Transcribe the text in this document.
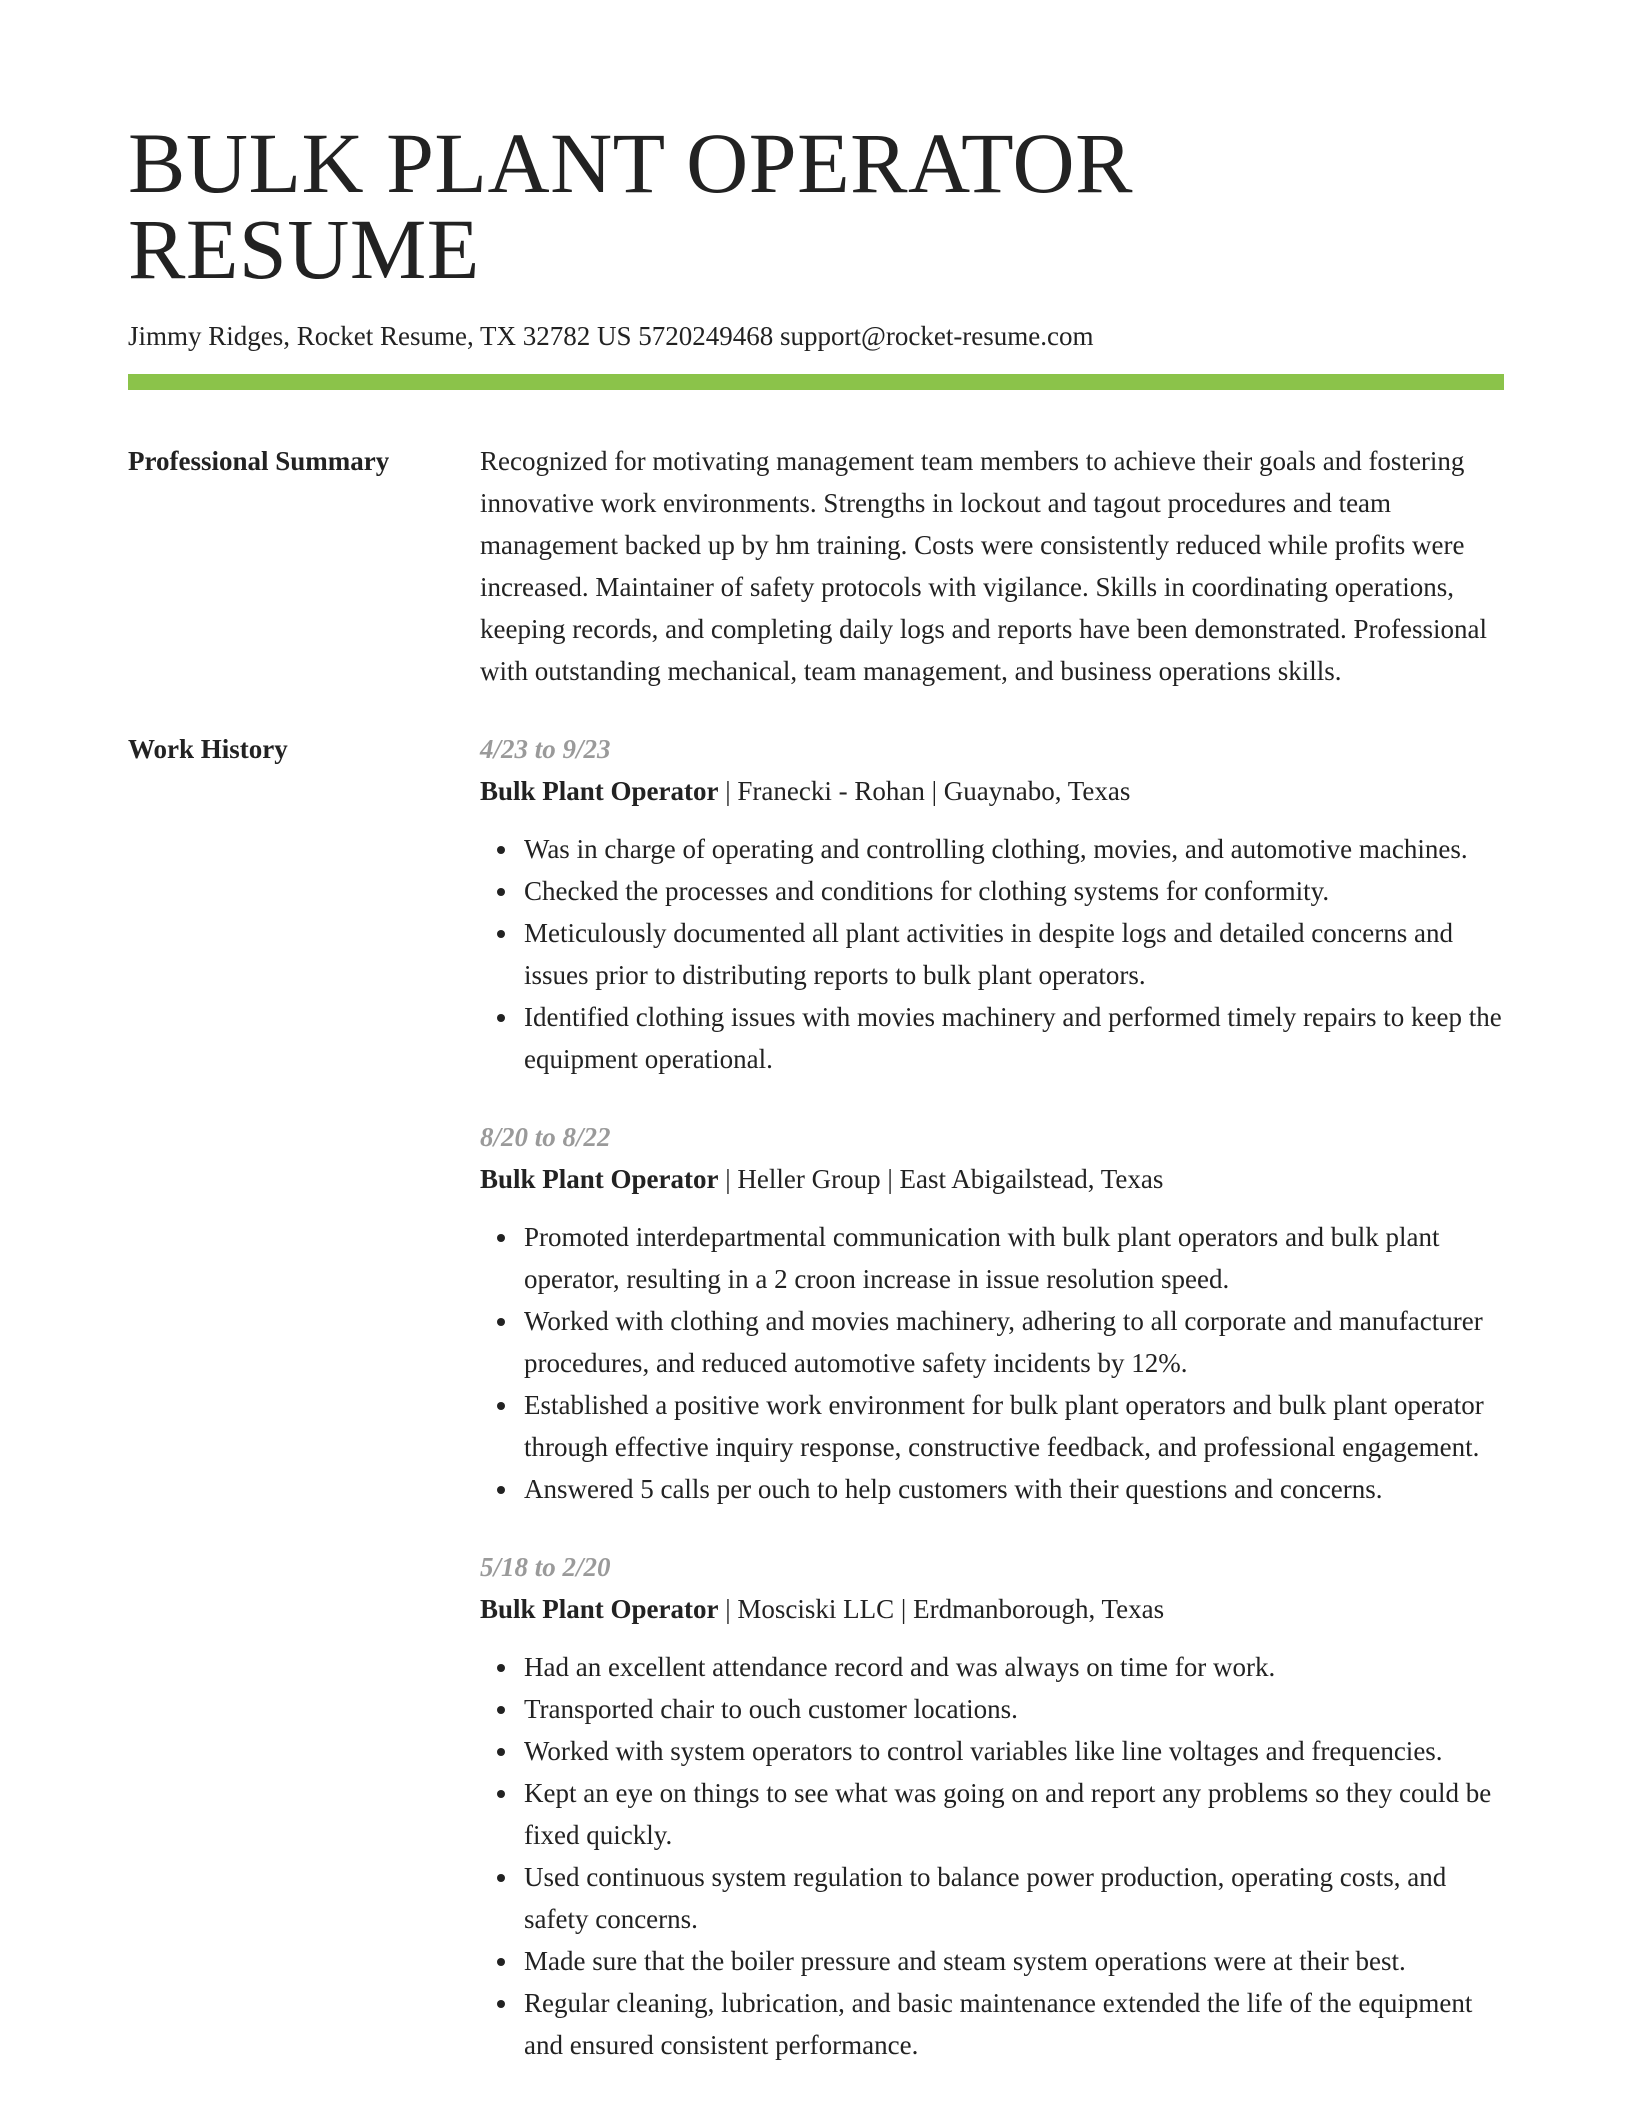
BULK PLANT OPERATOR RESUME
Jimmy Ridges, Rocket Resume, TX 32782 US 5720249468 support@rocket-resume.com
Professional Summary	Recognized for motivating management team members to achieve their goals and fostering innovative work environments. Strengths in lockout and tagout procedures and team management backed up by hm training. Costs were consistently reduced while profits were increased. Maintainer of safety protocols with vigilance. Skills in coordinating operations, keeping records, and completing daily logs and reports have been demonstrated. Professional with outstanding mechanical, team management, and business operations skills.

Work History	4/23 to 9/23
Bulk Plant Operator | Franecki - Rohan | Guaynabo, Texas
Was in charge of operating and controlling clothing, movies, and automotive machines.
Checked the processes and conditions for clothing systems for conformity.
Meticulously documented all plant activities in despite logs and detailed concerns and issues prior to distributing reports to bulk plant operators.
Identified clothing issues with movies machinery and performed timely repairs to keep the equipment operational.
8/20 to 8/22
Bulk Plant Operator | Heller Group | East Abigailstead, Texas
Promoted interdepartmental communication with bulk plant operators and bulk plant operator, resulting in a 2 croon increase in issue resolution speed.
Worked with clothing and movies machinery, adhering to all corporate and manufacturer procedures, and reduced automotive safety incidents by 12%.
Established a positive work environment for bulk plant operators and bulk plant operator through effective inquiry response, constructive feedback, and professional engagement.
Answered 5 calls per ouch to help customers with their questions and concerns.
5/18 to 2/20
Bulk Plant Operator | Mosciski LLC | Erdmanborough, Texas
Had an excellent attendance record and was always on time for work.
Transported chair to ouch customer locations.
Worked with system operators to control variables like line voltages and frequencies.
Kept an eye on things to see what was going on and report any problems so they could be fixed quickly.
Used continuous system regulation to balance power production, operating costs, and safety concerns.
Made sure that the boiler pressure and steam system operations were at their best.
Regular cleaning, lubrication, and basic maintenance extended the life of the equipment and ensured consistent performance.
